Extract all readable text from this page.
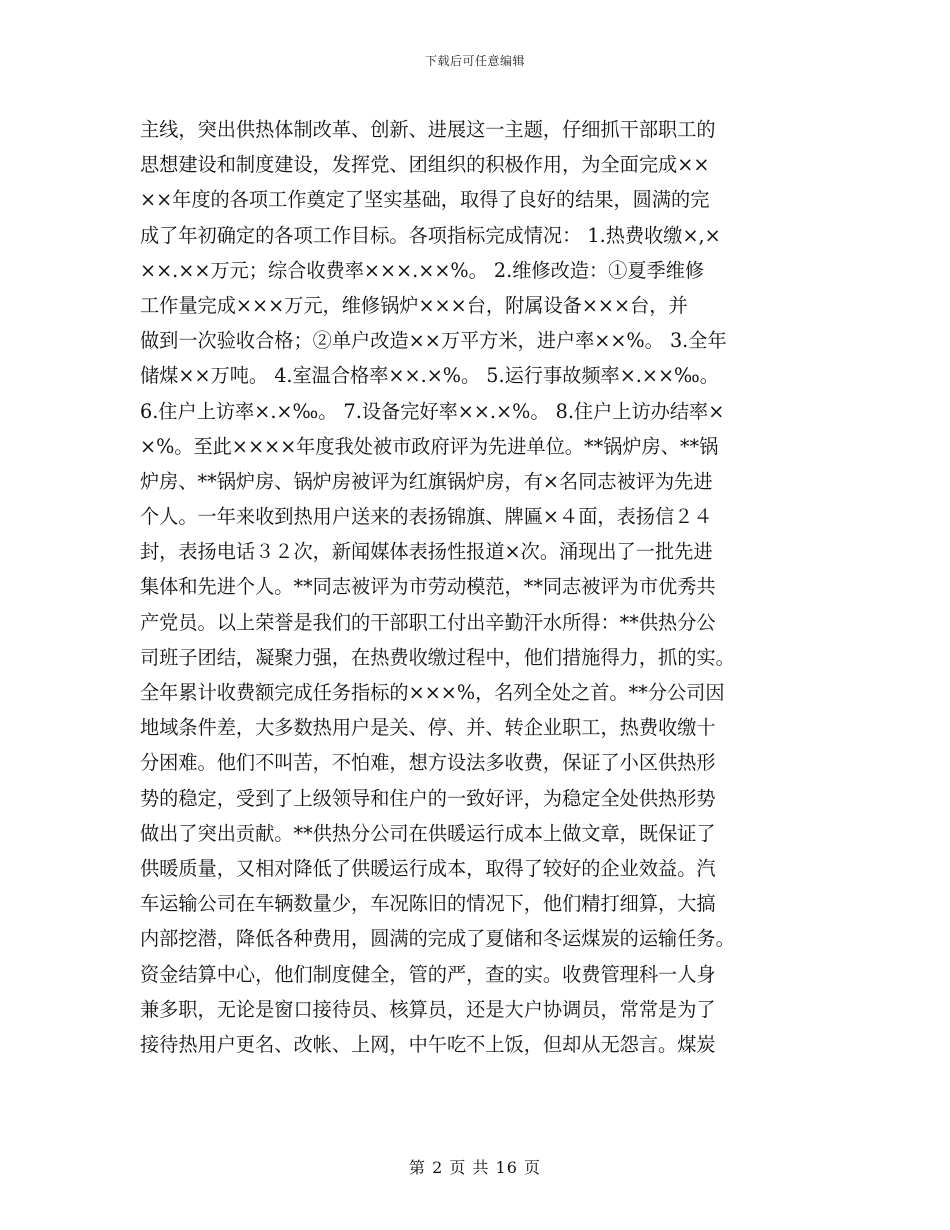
下载后可任意编辑
主线，突出供热体制改革、创新、进展这一主题，仔细抓干部职工的
思想建设和制度建设，发挥党、团组织的积极作用，为全面完成××
××年度的各项工作奠定了坚实基础，取得了良好的结果，圆满的完
成了年初确定的各项工作目标。各项指标完成情况： 1.热费收缴×,×
××.××万元；综合收费率×××.××%。 2.维修改造：①夏季维修
工作量完成×××万元，维修锅炉×××台，附属设备×××台，并
做到一次验收合格；②单户改造××万平方米，进户率××%。 3.全年
储煤××万吨。 4.室温合格率××.×%。 5.运行事故频率×.××‰。
6.住户上访率×.×‰。 7.设备完好率××.×%。 8.住户上访办结率×
×%。至此××××年度我处被市政府评为先进单位。**锅炉房、**锅
炉房、**锅炉房、锅炉房被评为红旗锅炉房，有×名同志被评为先进
个人。一年来收到热用户送来的表扬锦旗、牌匾×４面，表扬信２４
封，表扬电话３２次，新闻媒体表扬性报道×次。涌现出了一批先进
集体和先进个人。**同志被评为市劳动模范，**同志被评为市优秀共
产党员。以上荣誉是我们的干部职工付出辛勤汗水所得：**供热分公
司班子团结，凝聚力强，在热费收缴过程中，他们措施得力，抓的实。
全年累计收费额完成任务指标的×××%，名列全处之首。**分公司因
地域条件差，大多数热用户是关、停、并、转企业职工，热费收缴十
分困难。他们不叫苦，不怕难，想方设法多收费，保证了小区供热形
势的稳定，受到了上级领导和住户的一致好评，为稳定全处供热形势
做出了突出贡献。**供热分公司在供暖运行成本上做文章，既保证了
供暖质量，又相对降低了供暖运行成本，取得了较好的企业效益。汽
车运输公司在车辆数量少，车况陈旧的情况下，他们精打细算，大搞
内部挖潜，降低各种费用，圆满的完成了夏储和冬运煤炭的运输任务。
资金结算中心，他们制度健全，管的严，查的实。收费管理科一人身
兼多职，无论是窗口接待员、核算员，还是大户协调员，常常是为了
接待热用户更名、改帐、上网，中午吃不上饭，但却从无怨言。煤炭
第 2 页 共 16 页
